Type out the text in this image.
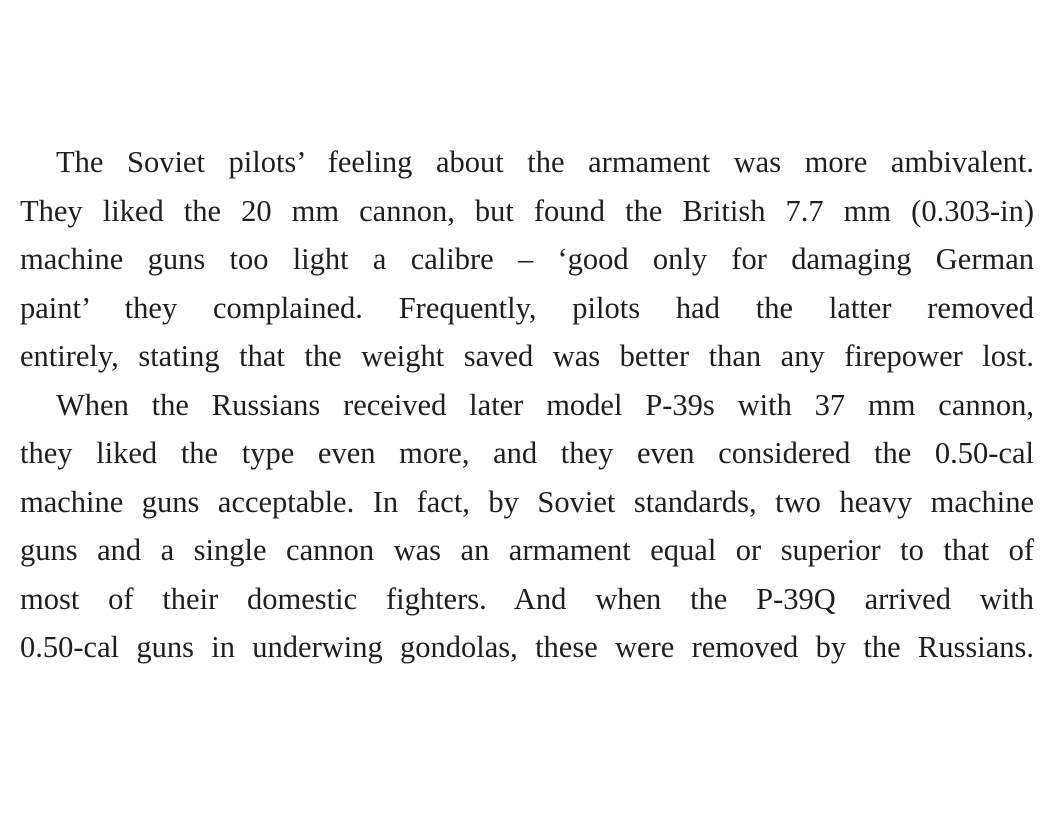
The Soviet pilots’ feeling about the armament was more ambivalent.
They liked the 20 mm cannon, but found the British 7.7 mm (0.303-in)
machine guns too light a calibre – ‘good only for damaging German
paint’ they complained. Frequently, pilots had the latter removed
entirely, stating that the weight saved was better than any firepower lost.
When the Russians received later model P-39s with 37 mm cannon,
they liked the type even more, and they even considered the 0.50-cal
machine guns acceptable. In fact, by Soviet standards, two heavy machine
guns and a single cannon was an armament equal or superior to that of
most of their domestic fighters. And when the P-39Q arrived with
0.50-cal guns in underwing gondolas, these were removed by the Russians.
